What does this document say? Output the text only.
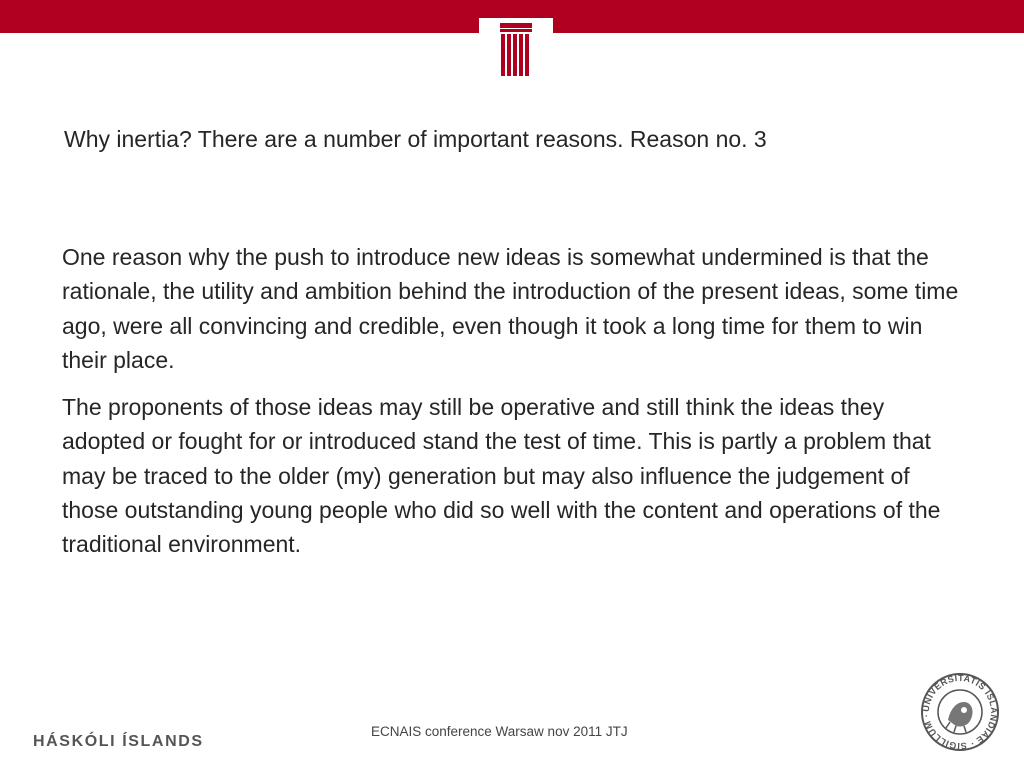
Why inertia? There are a number of important reasons. Reason no. 3

One reason why the push to introduce new ideas is somewhat undermined is that the rationale, the utility and ambition behind the introduction of the present ideas, some time ago, were all convincing and credible, even though it took a long time for them to win their place.

The proponents of those ideas may still be operative and still think the ideas they adopted or fought for or introduced stand the test of time. This is partly a problem that may be traced to the older (my) generation but may also influence the judgement of those outstanding young people who did so well with the content and operations of the traditional environment.

HÁSKÓLI ÍSLANDS
ECNAIS conference Warsaw nov 2011 JTJ
UNIVERSITATIS ISLANDIAE · SIGILLUM ·
